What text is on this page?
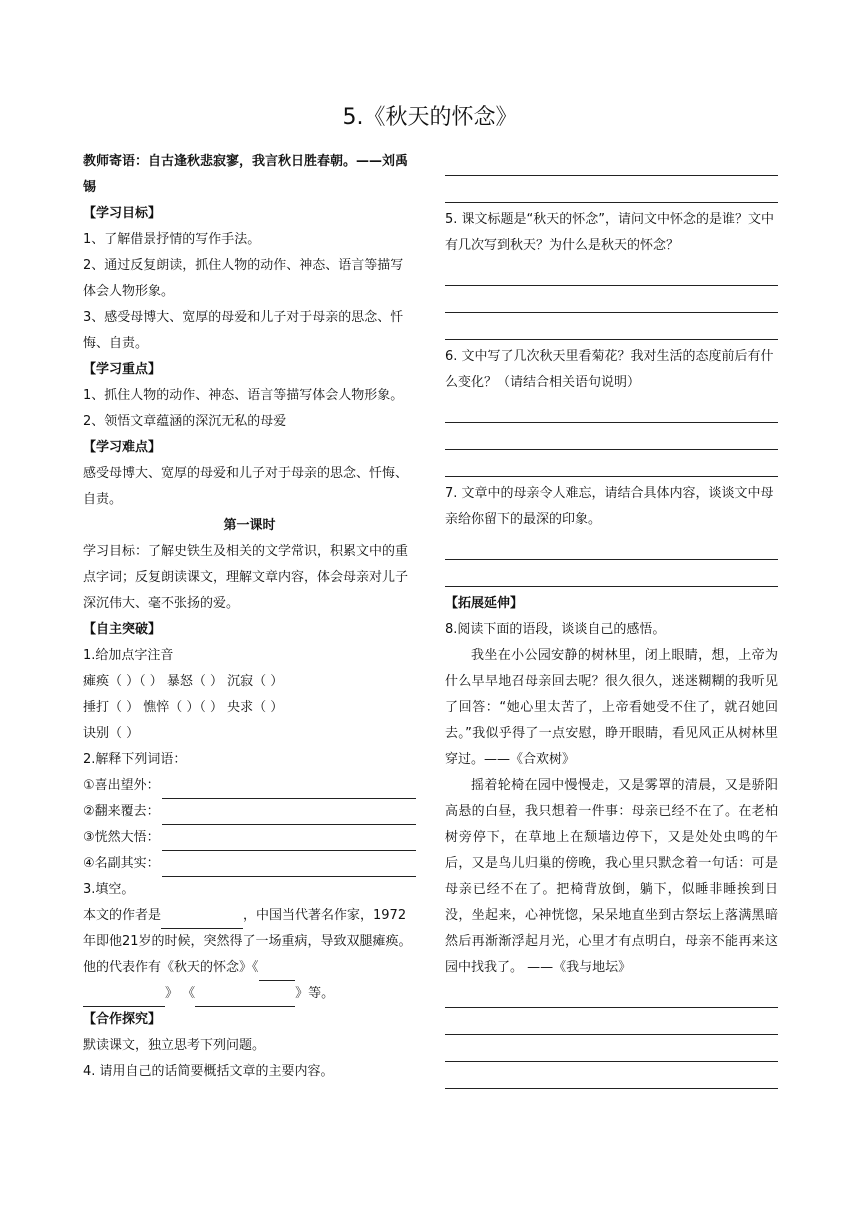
5.《秋天的怀念》

教师寄语：自古逢秋悲寂寥，我言秋日胜春朝。——刘禹锡

【学习目标】

1、了解借景抒情的写作手法。

2、通过反复朗读，抓住人物的动作、神态、语言等描写体会人物形象。

3、感受母博大、宽厚的母爱和儿子对于母亲的思念、忏悔、自责。

【学习重点】

1、抓住人物的动作、神态、语言等描写体会人物形象。

2、领悟文章蕴涵的深沉无私的母爱

【学习难点】

感受母博大、宽厚的母爱和儿子对于母亲的思念、忏悔、自责。

第一课时

学习目标：了解史铁生及相关的文学常识，积累文中的重点字词；反复朗读课文，理解文章内容，体会母亲对儿子深沉伟大、毫不张扬的爱。

【自主突破】

1.给加点字注音

瘫痪（ ）（ ） 暴怒（ ） 沉寂（ ）

捶打（ ） 憔悴（ ）（ ） 央求（ ）

诀别（ ）

2.解释下列词语：

①喜出望外：
②翻来覆去：
③恍然大悟：
④名副其实：

3.填空。

本文的作者是	，中国当代著名作家，1972年即他21岁的时候，突然得了一场重病，导致双腿瘫痪。他的代表作有《秋天的怀念》《
》 《	》等。

【合作探究】

默读课文，独立思考下列问题。

4. 请用自己的话简要概括文章的主要内容。

5. 课文标题是“秋天的怀念”，请问文中怀念的是谁？文中有几次写到秋天？为什么是秋天的怀念？

6. 文中写了几次秋天里看菊花？我对生活的态度前后有什么变化？（请结合相关语句说明）

7. 文章中的母亲令人难忘，请结合具体内容，谈谈文中母亲给你留下的最深的印象。

【拓展延伸】

8.阅读下面的语段，谈谈自己的感悟。

我坐在小公园安静的树林里，闭上眼睛，想，上帝为什么早早地召母亲回去呢？很久很久，迷迷糊糊的我听见了回答：“她心里太苦了，上帝看她受不住了，就召她回去。”我似乎得了一点安慰，睁开眼睛，看见风正从树林里穿过。——《合欢树》

摇着轮椅在园中慢慢走，又是雾罩的清晨，又是骄阳高悬的白昼，我只想着一件事：母亲已经不在了。在老柏树旁停下，在草地上在颓墙边停下，又是处处虫鸣的午后，又是鸟儿归巢的傍晚，我心里只默念着一句话：可是母亲已经不在了。把椅背放倒，躺下，似睡非睡挨到日没，坐起来，心神恍惚，呆呆地直坐到古祭坛上落满黑暗然后再渐渐浮起月光，心里才有点明白，母亲不能再来这园中找我了。 ——《我与地坛》
